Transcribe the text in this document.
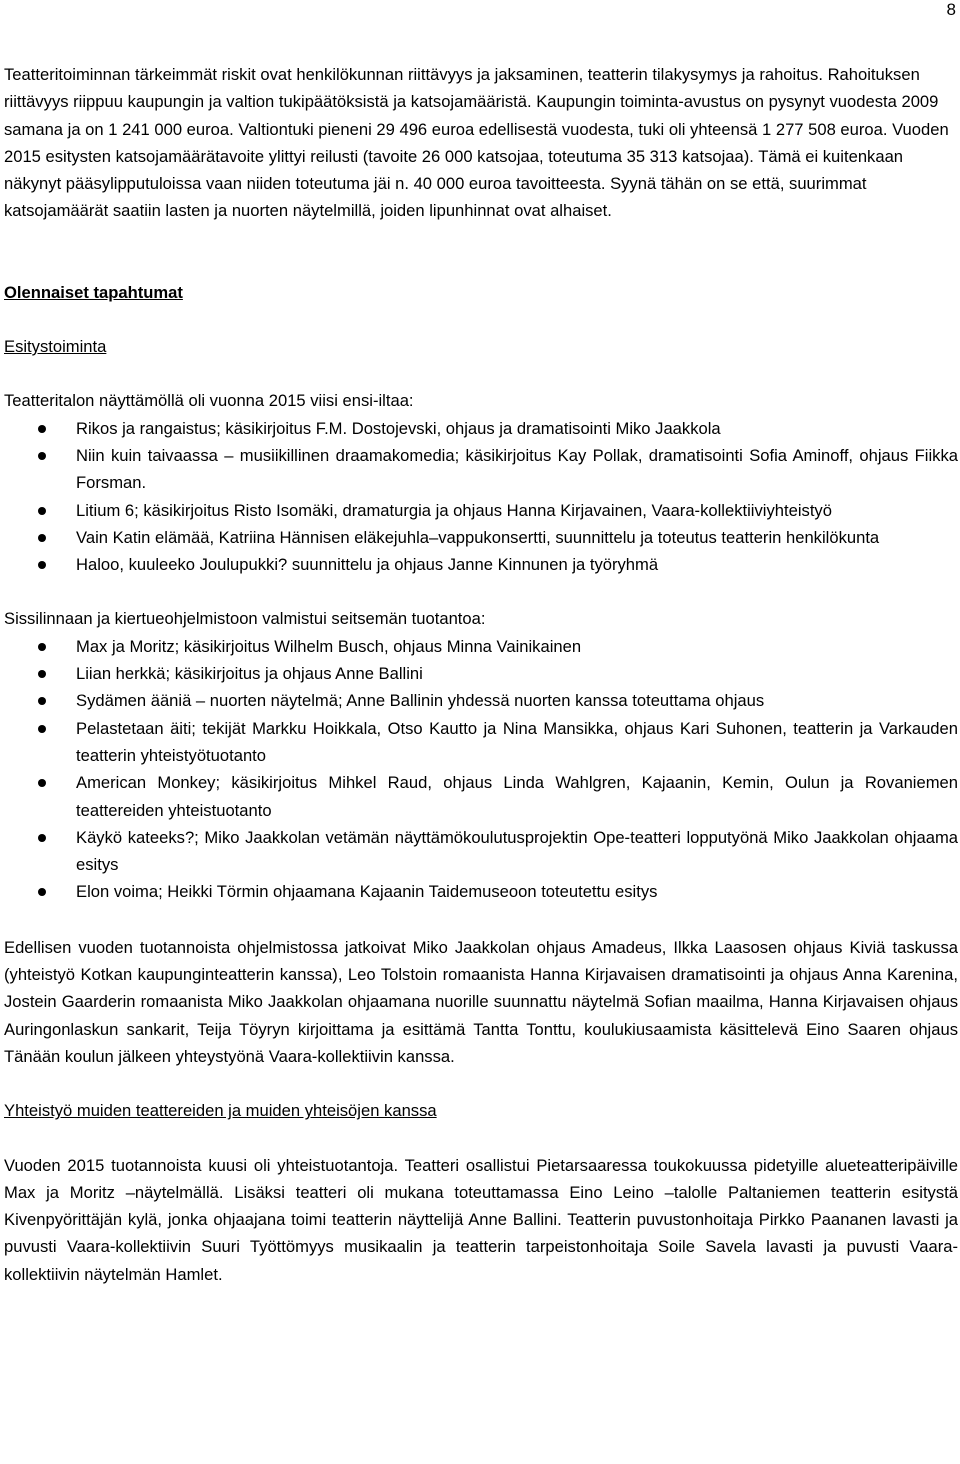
8

Teatteritoiminnan tärkeimmät riskit ovat henkilökunnan riittävyys ja jaksaminen, teatterin tilakysymys ja rahoitus. Rahoituksen riittävyys riippuu kaupungin ja valtion tukipäätöksistä ja katsojamääristä. Kaupungin toiminta-avustus on pysynyt vuodesta 2009 samana ja on 1 241 000 euroa. Valtiontuki pieneni 29 496 euroa edellisestä vuodesta, tuki oli yhteensä 1 277 508 euroa. Vuoden 2015 esitysten katsojamäärätavoite ylittyi reilusti (tavoite 26 000 katsojaa, toteutuma 35 313 katsojaa). Tämä ei kuitenkaan näkynyt pääsylipputuloissa vaan niiden toteutuma jäi n. 40 000 euroa tavoitteesta. Syynä tähän on se että, suurimmat katsojamäärät saatiin lasten ja nuorten näytelmillä, joiden lipunhinnat ovat alhaiset.

Olennaiset tapahtumat
Esitystoiminta

Teatteritalon näyttämöllä oli vuonna 2015 viisi ensi-iltaa:

Rikos ja rangaistus; käsikirjoitus F.M. Dostojevski, ohjaus ja dramatisointi Miko Jaakkola
Niin kuin taivaassa – musiikillinen draamakomedia; käsikirjoitus Kay Pollak, dramatisointi Sofia Aminoff, ohjaus Fiikka Forsman.
Litium 6; käsikirjoitus Risto Isomäki, dramaturgia ja ohjaus Hanna Kirjavainen, Vaara-kollektiiviyhteistyö
Vain Katin elämää, Katriina Hännisen eläkejuhla–vappukonsertti, suunnittelu ja toteutus teatterin henkilökunta
Haloo, kuuleeko Joulupukki? suunnittelu ja ohjaus Janne Kinnunen ja työryhmä

Sissilinnaan ja kiertueohjelmistoon valmistui seitsemän tuotantoa:

Max ja Moritz; käsikirjoitus Wilhelm Busch, ohjaus Minna Vainikainen
Liian herkkä; käsikirjoitus ja ohjaus Anne Ballini
Sydämen ääniä – nuorten näytelmä; Anne Ballinin yhdessä nuorten kanssa toteuttama ohjaus
Pelastetaan äiti; tekijät Markku Hoikkala, Otso Kautto ja Nina Mansikka, ohjaus Kari Suhonen, teatterin ja Varkauden teatterin yhteistyötuotanto
American Monkey; käsikirjoitus Mihkel Raud, ohjaus Linda Wahlgren, Kajaanin, Kemin, Oulun ja Rovaniemen teattereiden yhteistuotanto
Käykö kateeks?; Miko Jaakkolan vetämän näyttämökoulutusprojektin Ope-teatteri lopputyönä Miko Jaakkolan ohjaama esitys
Elon voima; Heikki Törmin ohjaamana Kajaanin Taidemuseoon toteutettu esitys

Edellisen vuoden tuotannoista ohjelmistossa jatkoivat Miko Jaakkolan ohjaus Amadeus, Ilkka Laasosen ohjaus Kiviä taskussa (yhteistyö Kotkan kaupunginteatterin kanssa), Leo Tolstoin romaanista Hanna Kirjavaisen dramatisointi ja ohjaus Anna Karenina, Jostein Gaarderin romaanista Miko Jaakkolan ohjaamana nuorille suunnattu näytelmä Sofian maailma, Hanna Kirjavaisen ohjaus Auringonlaskun sankarit, Teija Töyryn kirjoittama ja esittämä Tantta Tonttu, koulukiusaamista käsittelevä Eino Saaren ohjaus Tänään koulun jälkeen yhteystyönä Vaara-kollektiivin kanssa.

Yhteistyö muiden teattereiden ja muiden yhteisöjen kanssa

Vuoden 2015 tuotannoista kuusi oli yhteistuotantoja. Teatteri osallistui Pietarsaaressa toukokuussa pidetyille alueteatteripäiville Max ja Moritz –näytelmällä. Lisäksi teatteri oli mukana toteuttamassa Eino Leino –talolle Paltaniemen teatterin esitystä Kivenpyörittäjän kylä, jonka ohjaajana toimi teatterin näyttelijä Anne Ballini. Teatterin puvustonhoitaja Pirkko Paananen lavasti ja puvusti Vaara-kollektiivin Suuri Työttömyys musikaalin ja teatterin tarpeistonhoitaja Soile Savela lavasti ja puvusti Vaara-kollektiivin näytelmän Hamlet.
